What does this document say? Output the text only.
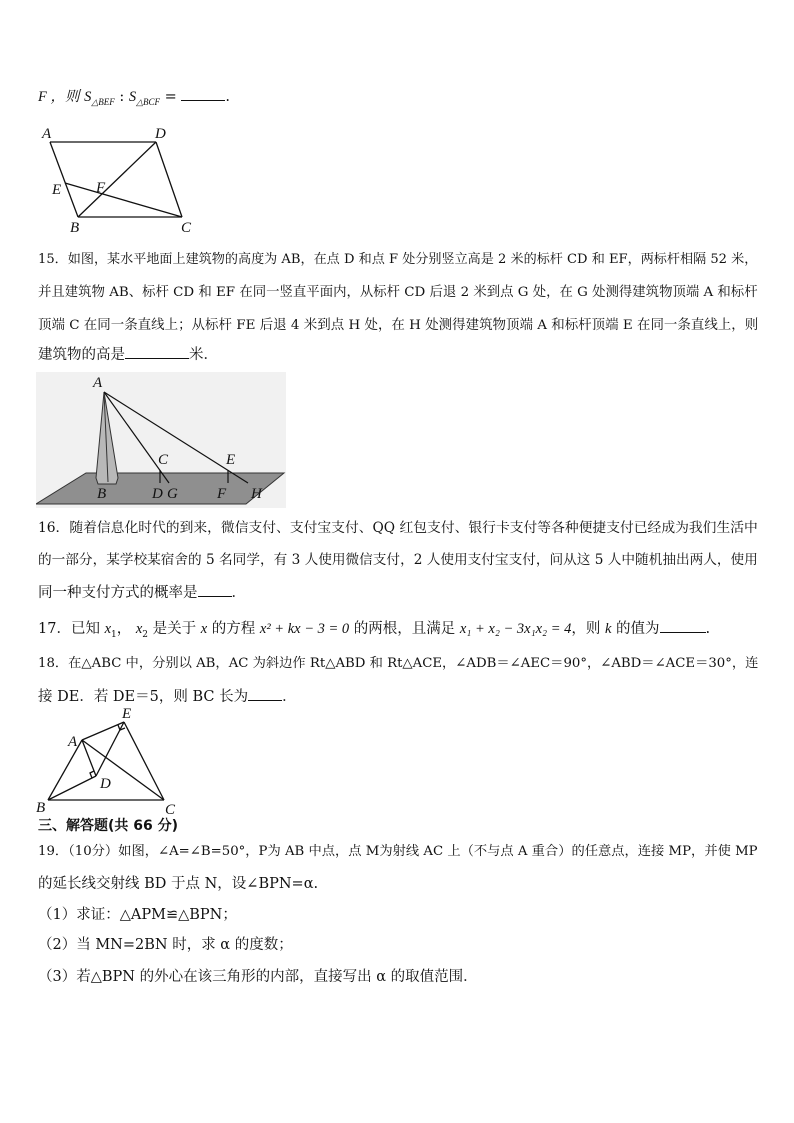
F ，则 $S_{\triangle BEF}$ : $S_{\triangle BCF}$ =	.
A	D
E F
B	C
15．如图，某水平地面上建筑物的高度为 AB，在点 D 和点 F 处分别竖立高是 2 米的标杆 CD 和 EF，两标杆相隔 52 米，
并且建筑物 AB、标杆 CD 和 EF 在同一竖直平面内，从标杆 CD 后退 2 米到点 G 处，在 G 处测得建筑物顶端 A 和标杆
顶端 C 在同一条直线上；从标杆 FE 后退 4 米到点 H 处，在 H 处测得建筑物顶端 A 和标杆顶端 E 在同一条直线上，则
建筑物的高是	米．
A
C	E
B	D G	F H
16．随着信息化时代的到来，微信支付、支付宝支付、QQ 红包支付、银行卡支付等各种便捷支付已经成为我们生活中
的一部分，某学校某宿舍的 5 名同学，有 3 人使用微信支付，2 人使用支付宝支付，问从这 5 人中随机抽出两人，使用
同一种支付方式的概率是 ．
17．已知 $x_1$， $x_2$ 是关于 x 的方程 x² + kx − 3 = 0 的两根，且满足 x₁ + x₂ − 3x₁x₂ = 4，则 k 的值为	.
18．在△ABC 中，分别以 AB，AC 为斜边作 Rt△ABD 和 Rt△ACE，∠ADB＝∠AEC＝90°，∠ABD＝∠ACE＝30°，连
接 DE．若 DE＝5，则 BC 长为 ．
A
E
D
B	C
三、解答题(共 66 分)
19．（10分）如图，∠A=∠B=50°，P为 AB 中点，点 M为射线 AC 上（不与点 A 重合）的任意点，连接 MP，并使 MP
的延长线交射线 BD 于点 N，设∠BPN=α.
（1）求证：△APM≌△BPN；
（2）当 MN=2BN 时，求 α 的度数；
（3）若△BPN 的外心在该三角形的内部，直接写出 α 的取值范围．
